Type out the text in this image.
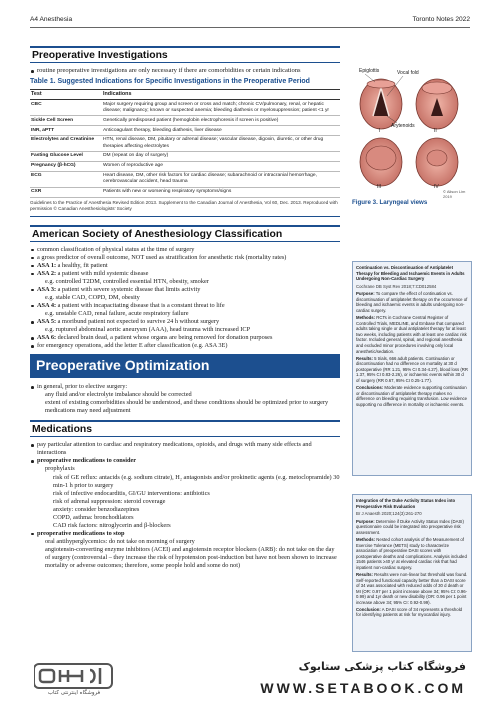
A4 Anesthesia	Toronto Notes 2022
Preoperative Investigations
routine preoperative investigations are only necessary if there are comorbidities or certain indications
Table 1. Suggested Indications for Specific Investigations in the Preoperative Period
Test	Indications
CBC	Major surgery requiring group and screen or cross and match; chronic CV/pulmonary, renal, or hepatic disease; malignancy; known or suspected anemia; bleeding diathesis or myelosuppression; patient <1 yr
Sickle Cell Screen	Genetically predisposed patient (hemoglobin electrophoresis if screen is positive)
INR, aPTT	Anticoagulant therapy, bleeding diathesis, liver disease
Electrolytes and Creatinine	HTN, renal disease, DM, pituitary or adrenal disease; vascular disease, digoxin, diuretic, or other drug therapies affecting electrolytes
Fasting Glucose Level	DM (repeat on day of surgery)
Pregnancy (β-hCG)	Women of reproductive age
ECG	Heart disease, DM, other risk factors for cardiac disease; subarachnoid or intracranial hemorrhage, cerebrovascular accident, head trauma
CXR	Patients with new or worsening respiratory symptoms/signs
Guidelines to the Practice of Anesthesia Revised Edition 2013. Supplement to the Canadian Journal of Anesthesia, Vol 60, Dec. 2013. Reproduced with permission © Canadian Anesthesiologists' Society
American Society of Anesthesiology Classification
common classification of physical status at the time of surgery
a gross predictor of overall outcome, NOT used as stratification for anesthetic risk (mortality rates)
ASA 1: a healthy, fit patient
ASA 2: a patient with mild systemic disease
e.g. controlled T2DM, controlled essential HTN, obesity, smoker
ASA 3: a patient with severe systemic disease that limits activity
e.g. stable CAD, COPD, DM, obesity
ASA 4: a patient with incapacitating disease that is a constant threat to life
e.g. unstable CAD, renal failure, acute respiratory failure
ASA 5: a moribund patient not expected to survive 24 h without surgery
e.g. ruptured abdominal aortic aneurysm (AAA), head trauma with increased ICP
ASA 6: declared brain dead, a patient whose organs are being removed for donation purposes
for emergency operations, add the letter E after classification (e.g. ASA 3E)
Preoperative Optimization
in general, prior to elective surgery:
any fluid and/or electrolyte imbalance should be corrected
extent of existing comorbidities should be understood, and these conditions should be optimized prior to surgery
medications may need adjustment
Medications
pay particular attention to cardiac and respiratory medications, opioids, and drugs with many side effects and interactions
preoperative medications to consider
prophylaxis
risk of GE reflux: antacids (e.g. sodium citrate), H₂ antagonists and/or prokinetic agents (e.g. metoclopramide) 30 min-1 h prior to surgery
risk of infective endocarditis, GI/GU interventions: antibiotics
risk of adrenal suppression: steroid coverage
anxiety: consider benzodiazepines
COPD, asthma: bronchodilators
CAD risk factors: nitroglycerin and β-blockers
preoperative medications to stop
oral antihyperglycemics: do not take on morning of surgery
angiotensin-converting enzyme inhibitors (ACEI) and angiotensin receptor blockers (ARB): do not take on the day of surgery (controversial – they increase the risk of hypotension post-induction but have not been shown to increase mortality or adverse outcomes; therefore, some people hold and some do not)
Epiglottis	Vocal fold
Arytenoids
I	II
III	IV
© Alison Lim 2019
Figure 3. Laryngeal views
Continuation vs. Discontinuation of Antiplatelet Therapy for Bleeding and Ischaemic Events in Adults Undergoing Non-Cardiac Surgery
Cochrane DB Syst Rev 2018;7:CD012584

Purpose: To compare the effect of continuation vs. discontinuation of antiplatelet therapy on the occurrence of bleeding and ischaemic events in adults undergoing non-cardiac surgery.

Methods: RCTs in Cochrane Central Register of Controlled Trials, MEDLINE, and Embase that compared adults taking single or dual antiplatelet therapy for at least two weeks, including patients with at least one cardiac risk factor. Included general, spinal, and regional anesthesia and excluded minor procedures involving only local anesthetic/sedation.

Results: 5 trials, 666 adult patients. Continuation or discontinuation had no difference on mortality at 30 d postoperative (RR 1.21, 95% CI 0.34-4.27), blood loss (RR 1.37, 95% CI 0.83-2.26), or ischaemic events within 30 d of surgery (RR 0.67, 95% CI 0.25-1.77).

Conclusions: Moderate evidence supporting continuation or discontinuation of antiplatelet therapy makes no difference on bleeding requiring transfusion. Low evidence supporting no difference in mortality or ischaemic events.

Integration of the Duke Activity Status Index into Preoperative Risk Evaluation
Br J Anaesth 2020;124(3):261-270

Purpose: Determine if Duke Activity Status Index (DASI) questionnaire could be integrated into preoperative risk assessment.

Methods: Nested cohort analysis of the Measurement of Exercise Tolerance (METS) study to characterize association of preoperative DASI scores with postoperative deaths and complications. Analysis included 1546 patients ≥40 yr at elevated cardiac risk that had inpatient non-cardiac surgery.

Results: Results were non-linear but threshold was found. Self-reported functional capacity better than a DASI score of 34 was associated with reduced odds of 30 d death or MI (OR: 0.97 per 1 point increase above 34; 95% CI: 0.96-0.99) and 1yr death or new disability (OR: 0.96 per 1 point increase above 34; 95% CI: 0.92-0.99).

Conclusion: A DASI score of 34 represents a threshold for identifying patients at risk for myocardial injury.

فروشگاه اینترنتی کتاب
فروشگاه کتاب پزشکی ستابوک
WWW.SETABOOK.COM
